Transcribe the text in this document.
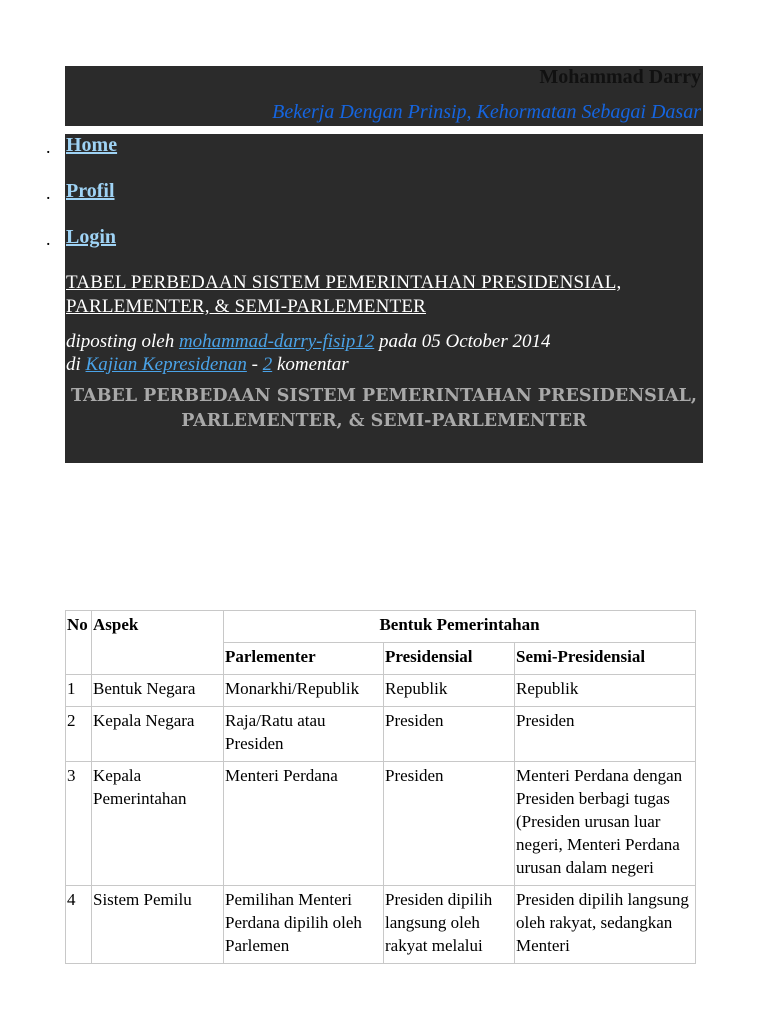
Mohammad Darry
Bekerja Dengan Prinsip, Kehormatan Sebagai Dasar
. Home
. Profil
. Login
TABEL PERBEDAAN SISTEM PEMERINTAHAN PRESIDENSIAL, PARLEMENTER, & SEMI-PARLEMENTER
diposting oleh mohammad-darry-fisip12 pada 05 October 2014
di Kajian Kepresidenan - 2 komentar
TABEL PERBEDAAN SISTEM PEMERINTAHAN PRESIDENSIAL, PARLEMENTER, & SEMI-PARLEMENTER
No	Aspek	Bentuk Pemerintahan		
		Parlementer	Presidensial	Semi-Presidensial
1	Bentuk Negara	Monarkhi/Republik	Republik	Republik
2	Kepala Negara	Raja/Ratu atau Presiden	Presiden	Presiden
3	Kepala Pemerintahan	Menteri Perdana	Presiden	Menteri Perdana dengan Presiden berbagi tugas (Presiden urusan luar negeri, Menteri Perdana urusan dalam negeri
4	Sistem Pemilu	Pemilihan Menteri Perdana dipilih oleh Parlemen	Presiden dipilih langsung oleh rakyat melalui	Presiden dipilih langsung oleh rakyat, sedangkan Menteri
